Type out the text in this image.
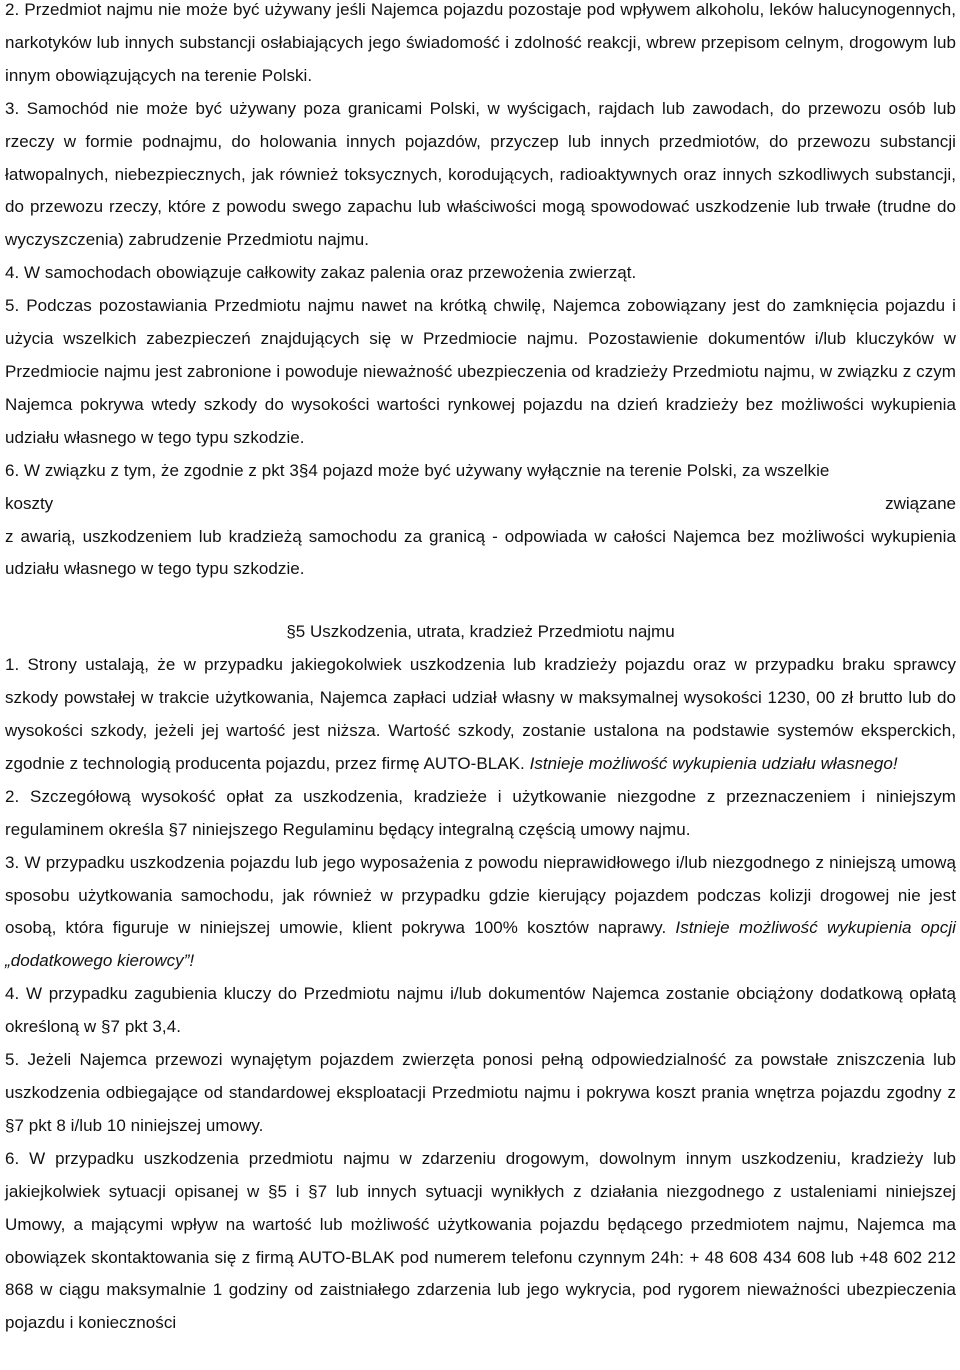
2. Przedmiot najmu nie może być używany jeśli Najemca pojazdu pozostaje pod wpływem alkoholu, leków halucynogennych, narkotyków lub innych substancji osłabiających jego świadomość i zdolność reakcji, wbrew przepisom celnym, drogowym lub innym obowiązujących na terenie Polski.

3. Samochód nie może być używany poza granicami Polski, w wyścigach, rajdach lub zawodach, do przewozu osób lub rzeczy w formie podnajmu, do holowania innych pojazdów, przyczep lub innych przedmiotów, do przewozu substancji łatwopalnych, niebezpiecznych, jak również toksycznych, korodujących, radioaktywnych oraz innych szkodliwych substancji, do przewozu rzeczy, które z powodu swego zapachu lub właściwości mogą spowodować uszkodzenie lub trwałe (trudne do wyczyszczenia) zabrudzenie Przedmiotu najmu.

4. W samochodach obowiązuje całkowity zakaz palenia oraz przewożenia zwierząt.

5. Podczas pozostawiania Przedmiotu najmu nawet na krótką chwilę, Najemca zobowiązany jest do zamknięcia pojazdu i użycia wszelkich zabezpieczeń znajdujących się w Przedmiocie najmu. Pozostawienie dokumentów i/lub kluczyków w Przedmiocie najmu jest zabronione i powoduje nieważność ubezpieczenia od kradzieży Przedmiotu najmu, w związku z czym Najemca pokrywa wtedy szkody do wysokości wartości rynkowej pojazdu na dzień kradzieży bez możliwości wykupienia udziału własnego w tego typu szkodzie.

6. W związku z tym, że zgodnie z pkt 3§4 pojazd może być używany wyłącznie na terenie Polski, za wszelkie

koszty	związane

z awarią, uszkodzeniem lub kradzieżą samochodu za granicą - odpowiada w całości Najemca bez możliwości wykupienia udziału własnego w tego typu szkodzie.

§5 Uszkodzenia, utrata, kradzież Przedmiotu najmu

1. Strony ustalają, że w przypadku jakiegokolwiek uszkodzenia lub kradzieży pojazdu oraz w przypadku braku sprawcy szkody powstałej w trakcie użytkowania, Najemca zapłaci udział własny w maksymalnej wysokości 1230, 00 zł brutto lub do wysokości szkody, jeżeli jej wartość jest niższa. Wartość szkody, zostanie ustalona na podstawie systemów eksperckich, zgodnie z technologią producenta pojazdu, przez firmę AUTO-BLAK. Istnieje możliwość wykupienia udziału własnego!

2. Szczegółową wysokość opłat za uszkodzenia, kradzieże i użytkowanie niezgodne z przeznaczeniem i niniejszym regulaminem określa §7 niniejszego Regulaminu będący integralną częścią umowy najmu.

3. W przypadku uszkodzenia pojazdu lub jego wyposażenia z powodu nieprawidłowego i/lub niezgodnego z niniejszą umową sposobu użytkowania samochodu, jak również w przypadku gdzie kierujący pojazdem podczas kolizji drogowej nie jest osobą, która figuruje w niniejszej umowie, klient pokrywa 100% kosztów naprawy. Istnieje możliwość wykupienia opcji „dodatkowego kierowcy”!

4. W przypadku zagubienia kluczy do Przedmiotu najmu i/lub dokumentów Najemca zostanie obciążony dodatkową opłatą określoną w §7 pkt 3,4.

5. Jeżeli Najemca przewozi wynajętym pojazdem zwierzęta ponosi pełną odpowiedzialność za powstałe zniszczenia lub uszkodzenia odbiegające od standardowej eksploatacji Przedmiotu najmu i pokrywa koszt prania wnętrza pojazdu zgodny z §7 pkt 8 i/lub 10 niniejszej umowy.

6. W przypadku uszkodzenia przedmiotu najmu w zdarzeniu drogowym, dowolnym innym uszkodzeniu, kradzieży lub jakiejkolwiek sytuacji opisanej w §5 i §7 lub innych sytuacji wynikłych z działania niezgodnego z ustaleniami niniejszej Umowy, a mającymi wpływ na wartość lub możliwość użytkowania pojazdu będącego przedmiotem najmu, Najemca ma obowiązek skontaktowania się z firmą AUTO-BLAK pod numerem telefonu czynnym 24h: + 48 608 434 608 lub +48 602 212 868 w ciągu maksymalnie 1 godziny od zaistniałego zdarzenia lub jego wykrycia, pod rygorem nieważności ubezpieczenia pojazdu i konieczności
